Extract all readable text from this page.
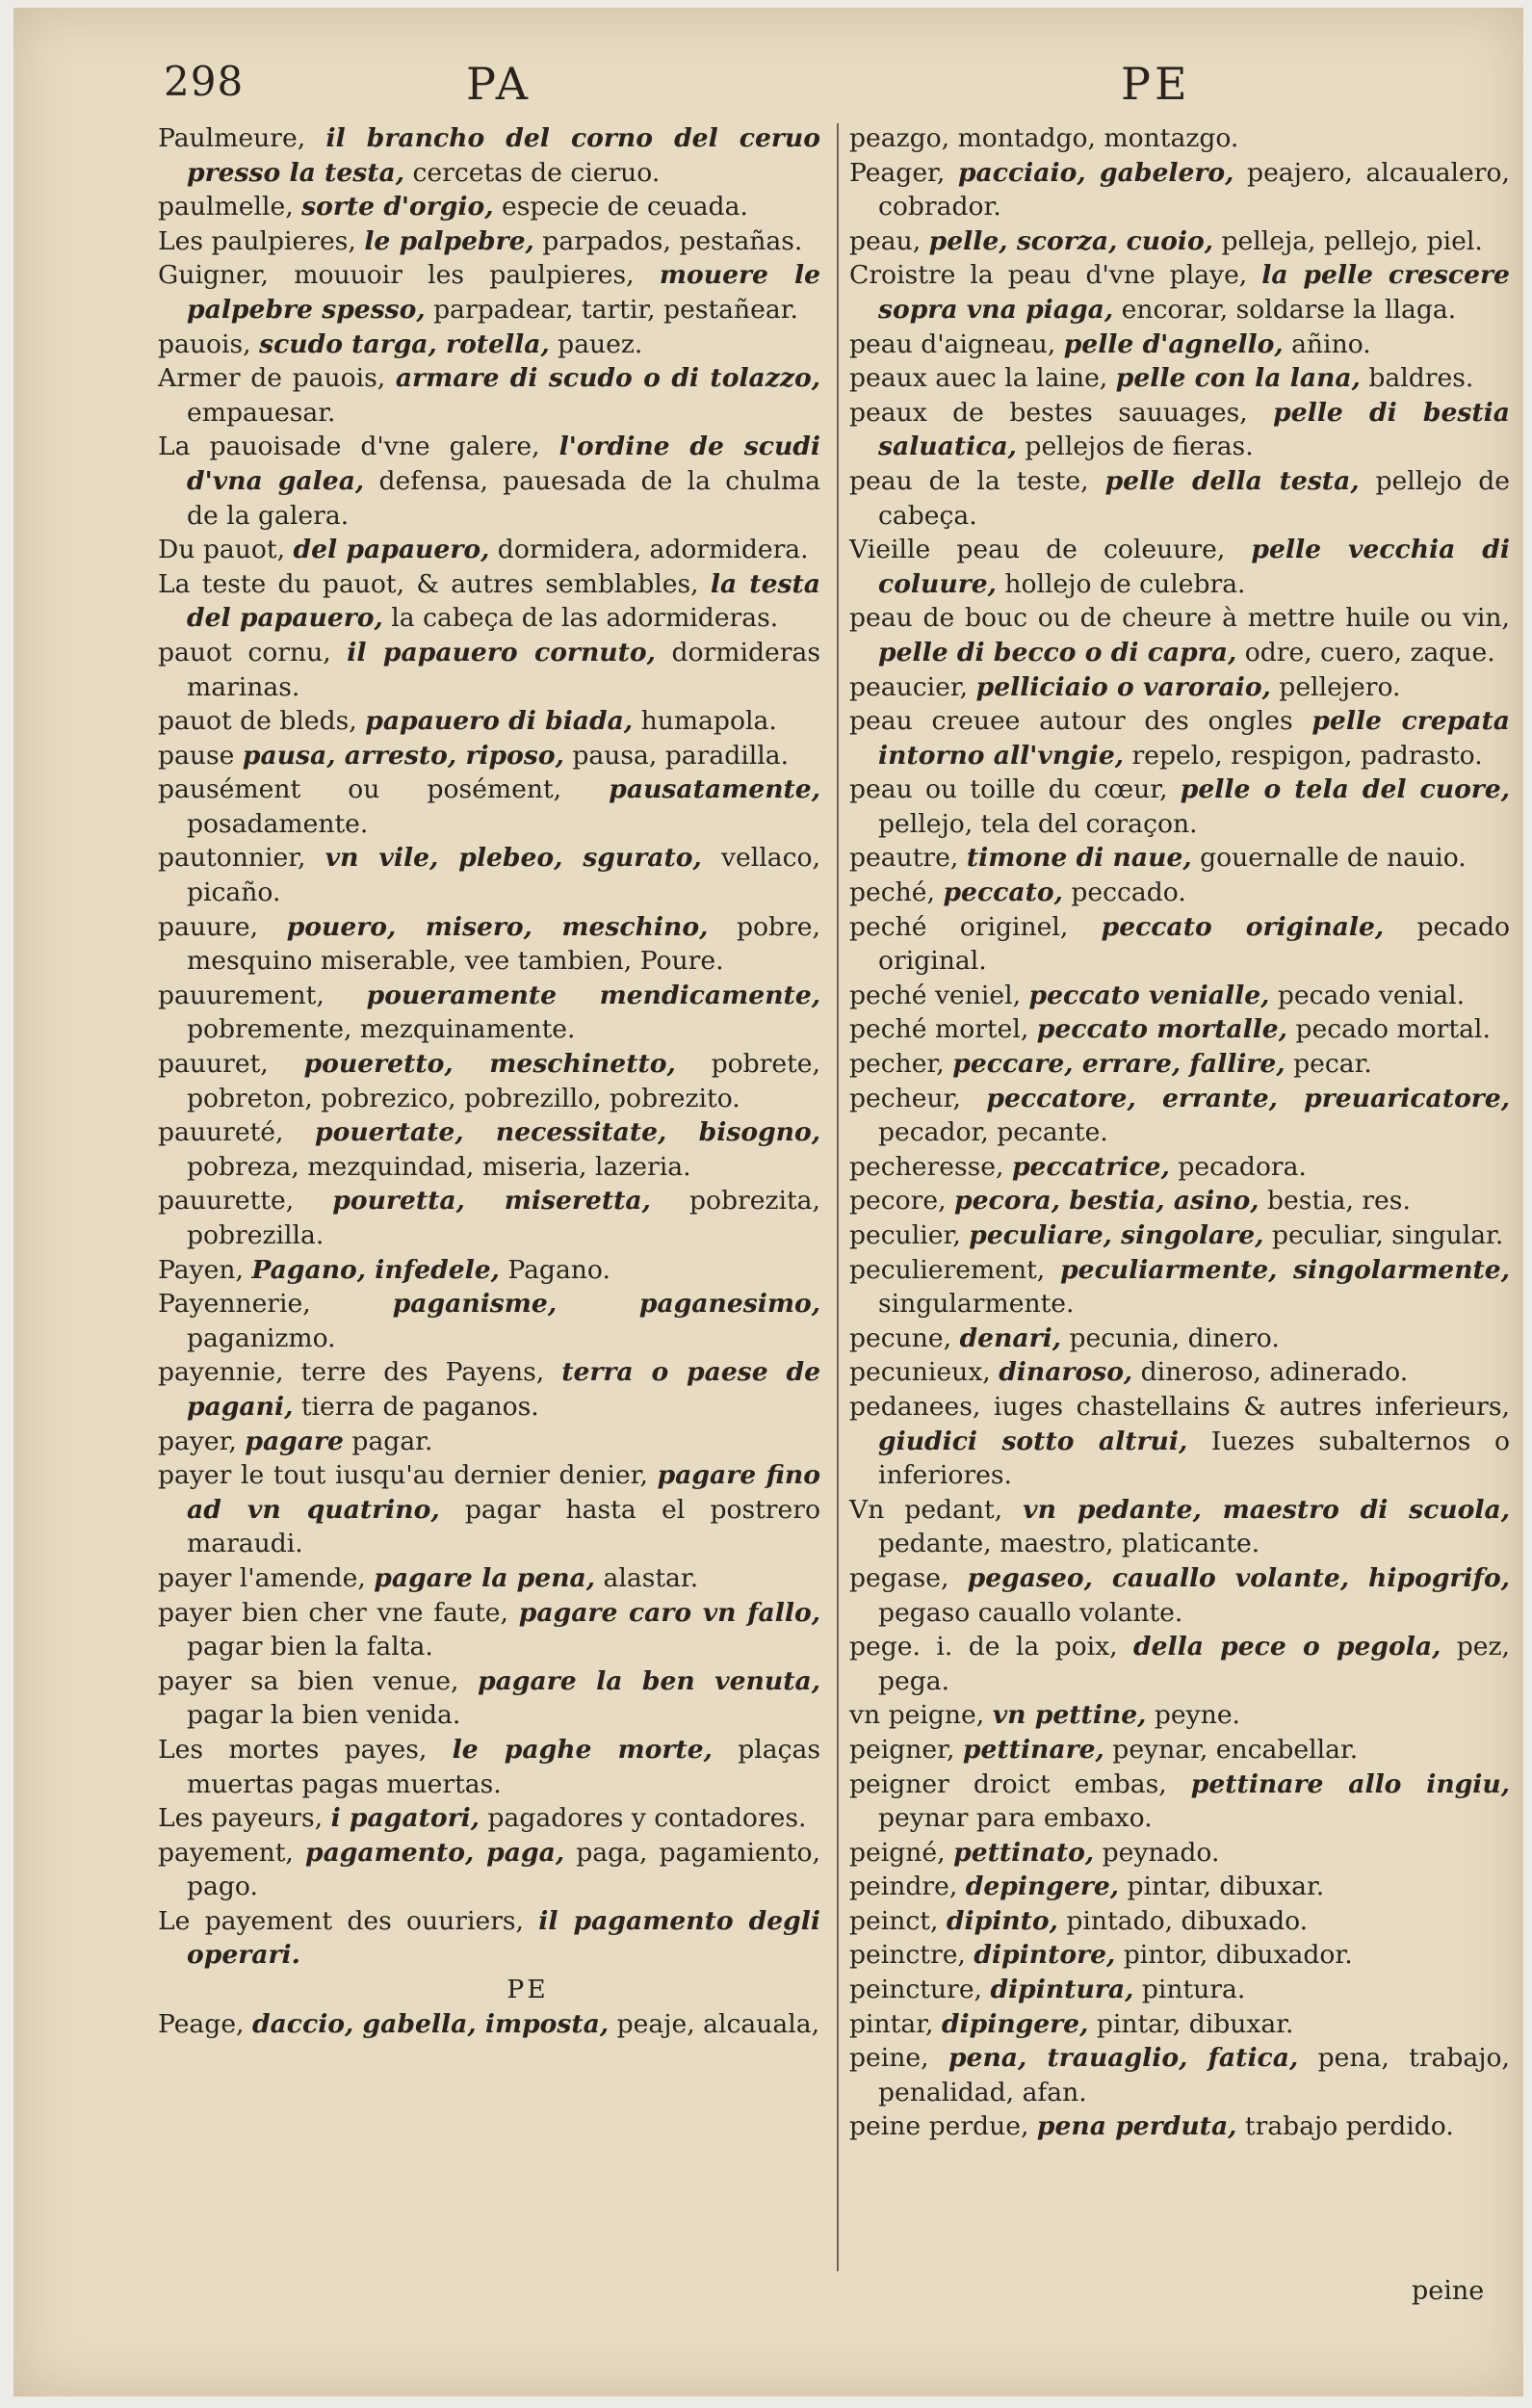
298	PA	PE

Paulmeure, il brancho del corno del ceruo presso la testa, cercetas de cieruo.

paulmelle, sorte d'orgio, especie de ceuada.

Les paulpieres, le palpebre, parpados, pestañas.

Guigner, mouuoir les paulpieres, mouere le palpebre spesso, parpadear, tartir, pestañear.

pauois, scudo targa, rotella, pauez.

Armer de pauois, armare di scudo o di tolazzo, empauesar.

La pauoisade d'vne galere, l'ordine de scudi d'vna galea, defensa, pauesada de la chulma de la galera.

Du pauot, del papauero, dormidera, adormidera.

La teste du pauot, & autres semblables, la testa del papauero, la cabeça de las adormideras.

pauot cornu, il papauero cornuto, dormideras marinas.

pauot de bleds, papauero di biada, humapola.

pause pausa, arresto, riposo, pausa, paradilla.

pausément ou posément, pausatamente, posadamente.

pautonnier, vn vile, plebeo, sgurato, vellaco, picaño.

pauure, pouero, misero, meschino, pobre, mesquino miserable, vee tambien, Poure.

pauurement, poueramente mendicamente, pobremente, mezquinamente.

pauuret, poueretto, meschinetto, pobrete, pobreton, pobrezico, pobrezillo, pobrezito.

pauureté, pouertate, necessitate, bisogno, pobreza, mezquindad, miseria, lazeria.

pauurette, pouretta, miseretta, pobrezita, pobrezilla.

Payen, Pagano, infedele, Pagano.

Payennerie,	paganisme, paganesimo, paganizmo.

payennie, terre des Payens, terra o paese de pagani, tierra de paganos.

payer, pagare pagar.

payer le tout iusqu'au dernier denier, pagare fino ad vn quatrino, pagar hasta el postrero maraudi.

payer l'amende, pagare la pena, alastar.

payer bien cher vne faute, pagare caro vn fallo, pagar bien la falta.

payer sa bien venue, pagare la ben venuta, pagar la bien venida.

Les mortes payes, le paghe morte, plaças muertas pagas muertas.

Les payeurs, i pagatori, pagadores y contadores.

payement, pagamento, paga, paga, pagamiento, pago.

Le payement des ouuriers, il pagamento degli operari.

PE

Peage, daccio, gabella, imposta, peaje, alcauala,

peazgo, montadgo, montazgo.

Peager, pacciaio, gabelero, peajero, alcaualero, cobrador.

peau, pelle, scorza, cuoio, pelleja, pellejo, piel.

Croistre la peau d'vne playe, la pelle crescere sopra vna piaga, encorar, soldarse la llaga.

peau d'aigneau, pelle d'agnello, añino.

peaux auec la laine, pelle con la lana, baldres.

peaux de bestes sauuages, pelle di bestia saluatica, pellejos de fieras.

peau de la teste, pelle della testa, pellejo de cabeça.

Vieille peau de coleuure, pelle vecchia di coluure, hollejo de culebra.

peau de bouc ou de cheure à mettre huile ou vin, pelle di becco o di capra, odre, cuero, zaque.

peaucier, pelliciaio o varoraio, pellejero.

peau creuee autour des ongles pelle crepata intorno all'vngie, repelo, respigon, padrasto.

peau ou toille du cœur, pelle o tela del cuore, pellejo, tela del coraçon.

peautre, timone di naue, gouernalle de nauio.

peché, peccato, peccado.

peché originel, peccato originale, pecado original.

peché veniel, peccato venialle, pecado venial.

peché mortel, peccato mortalle, pecado mortal.

pecher, peccare, errare, fallire, pecar.

pecheur, peccatore, errante, preuaricatore, pecador, pecante.

pecheresse, peccatrice, pecadora.

pecore, pecora, bestia, asino, bestia, res.

peculier, peculiare, singolare, peculiar, singular.

peculierement, peculiarmente, singolarmente, singularmente.

pecune, denari, pecunia, dinero.

pecunieux, dinaroso, dineroso, adinerado.

pedanees, iuges chastellains & autres inferieurs, giudici sotto altrui, Iuezes subalternos o inferiores.

Vn pedant, vn pedante, maestro di scuola, pedante, maestro, platicante.

pegase, pegaseo, cauallo volante, hipogrifo, pegaso cauallo volante.

pege. i. de la poix, della pece o pegola, pez, pega.

vn peigne, vn pettine, peyne.

peigner, pettinare, peynar, encabellar.

peigner droict embas, pettinare allo ingiu, peynar para embaxo.

peigné, pettinato, peynado.

peindre, depingere, pintar, dibuxar.

peinct, dipinto, pintado, dibuxado.

peinctre, dipintore, pintor, dibuxador.

peincture, dipintura, pintura.

pintar, dipingere, pintar, dibuxar.

peine, pena, trauaglio, fatica, pena, trabajo, penalidad, afan.

peine perdue, pena perduta, trabajo perdido.

peine
